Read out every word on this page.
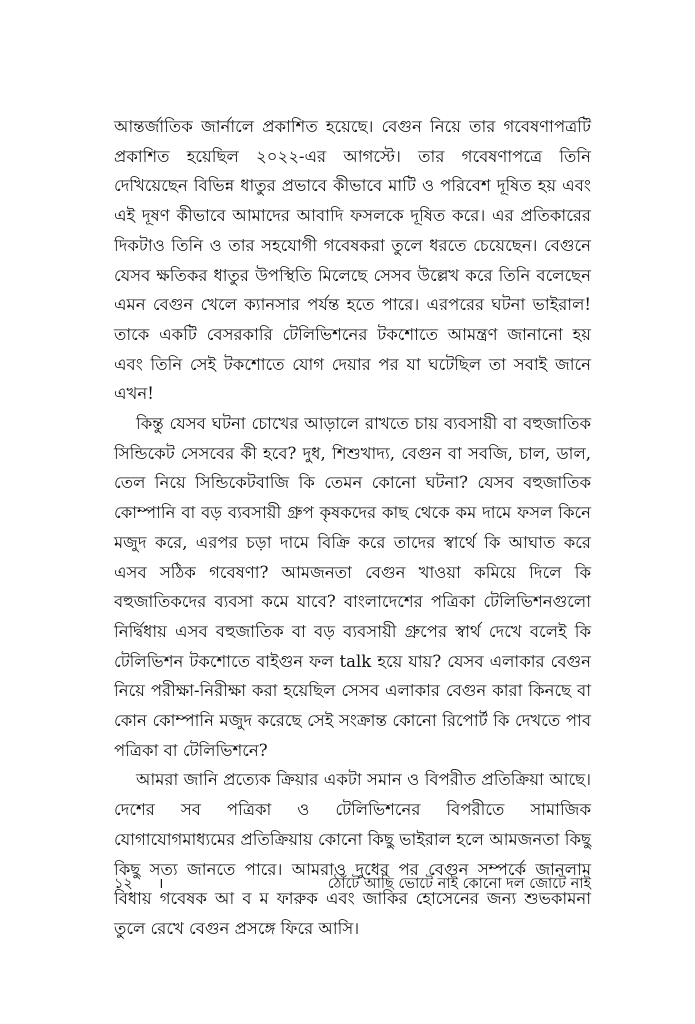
আন্তর্জাতিক জার্নালে প্রকাশিত হয়েছে। বেগুন নিয়ে তার গবেষণাপত্রটি প্রকাশিত হয়েছিল ২০২২-এর আগস্টে। তার গবেষণাপত্রে তিনি দেখিয়েছেন বিভিন্ন ধাতুর প্রভাবে কীভাবে মাটি ও পরিবেশ দূষিত হয় এবং এই দূষণ কীভাবে আমাদের আবাদি ফসলকে দূষিত করে। এর প্রতিকারের দিকটাও তিনি ও তার সহযোগী গবেষকরা তুলে ধরতে চেয়েছেন। বেগুনে যেসব ক্ষতিকর ধাতুর উপস্থিতি মিলেছে সেসব উল্লেখ করে তিনি বলেছেন এমন বেগুন খেলে ক্যানসার পর্যন্ত হতে পারে। এরপরের ঘটনা ভাইরাল! তাকে একটি বেসরকারি টেলিভিশনের টকশোতে আমন্ত্রণ জানানো হয় এবং তিনি সেই টকশোতে যোগ দেয়ার পর যা ঘটেছিল তা সবাই জানে এখন!

কিন্তু যেসব ঘটনা চোখের আড়ালে রাখতে চায় ব্যবসায়ী বা বহুজাতিক সিন্ডিকেট সেসবের কী হবে? দুধ, শিশুখাদ্য, বেগুন বা সবজি, চাল, ডাল, তেল নিয়ে সিন্ডিকেটবাজি কি তেমন কোনো ঘটনা? যেসব বহুজাতিক কোম্পানি বা বড় ব্যবসায়ী গ্রুপ কৃষকদের কাছ থেকে কম দামে ফসল কিনে মজুদ করে, এরপর চড়া দামে বিক্রি করে তাদের স্বার্থে কি আঘাত করে এসব সঠিক গবেষণা? আমজনতা বেগুন খাওয়া কমিয়ে দিলে কি বহুজাতিকদের ব্যবসা কমে যাবে? বাংলাদেশের পত্রিকা টেলিভিশনগুলো নির্দ্বিধায় এসব বহুজাতিক বা বড় ব্যবসায়ী গ্রুপের স্বার্থ দেখে বলেই কি টেলিভিশন টকশোতে বাইগুন ফল talk হয়ে যায়? যেসব এলাকার বেগুন নিয়ে পরীক্ষা-নিরীক্ষা করা হয়েছিল সেসব এলাকার বেগুন কারা কিনছে বা কোন কোম্পানি মজুদ করেছে সেই সংক্রান্ত কোনো রিপোর্ট কি দেখতে পাব পত্রিকা বা টেলিভিশনে?

আমরা জানি প্রত্যেক ক্রিয়ার একটা সমান ও বিপরীত প্রতিক্রিয়া আছে। দেশের সব পত্রিকা ও টেলিভিশনের বিপরীতে সামাজিক যোগাযোগমাধ্যমের প্রতিক্রিয়ায় কোনো কিছু ভাইরাল হলে আমজনতা কিছু কিছু সত্য জানতে পারে। আমরাও দুধের পর বেগুন সম্পর্কে জানলাম বিধায় গবেষক আ ব ম ফারুক এবং জাকির হোসেনের জন্য শুভকামনা তুলে রেখে বেগুন প্রসঙ্গে ফিরে আসি।

১২ ।	ঠোঁটে আছি ভোটে নাই কোনো দল জোটে নাই
